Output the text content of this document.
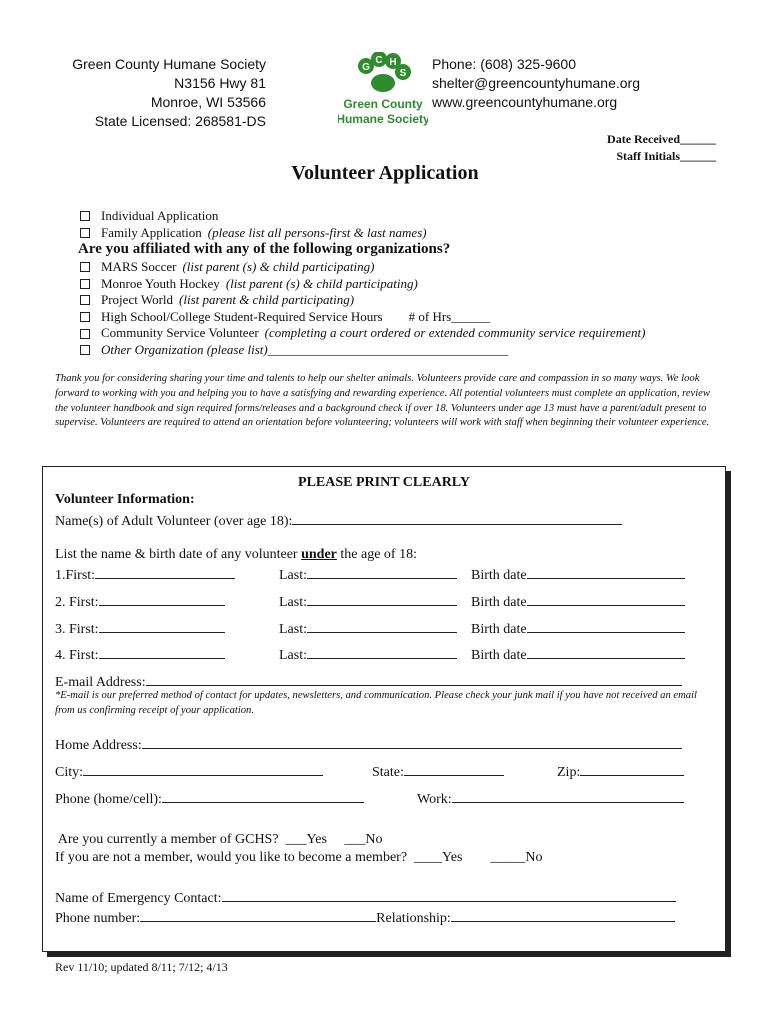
Green County Humane Society
N3156 Hwy 81
Monroe, WI 53566
State Licensed: 268581-DS
G
C H
S
Green County
Humane Society
Phone: (608) 325-9600
shelter@greencountyhumane.org
www.greencountyhumane.org
Date Received______
Staff Initials______
Volunteer Application
Individual Application
Family Application (please list all persons-first & last names)
Are you affiliated with any of the following organizations?
MARS Soccer (list parent (s) & child participating)
Monroe Youth Hockey (list parent (s) & child participating)
Project World (list parent & child participating)
High School/College Student-Required Service Hours        # of Hrs______
Community Service Volunteer (completing a court ordered or extended community service requirement)
Other Organization (please list)_____________________________________
Thank you for considering sharing your time and talents to help our shelter animals. Volunteers provide care and compassion in so many ways. We look forward to working with you and helping you to have a satisfying and rewarding experience. All potential volunteers must complete an application, review the volunteer handbook and sign required forms/releases and a background check if over 18. Volunteers under age 13 must have a parent/adult present to supervise. Volunteers are required to attend an orientation before volunteering; volunteers will work with staff when beginning their volunteer experience.
PLEASE PRINT CLEARLY
Volunteer Information:
Name(s) of Adult Volunteer (over age 18):
List the name & birth date of any volunteer under the age of 18:
1.First:	Last:	Birth date
2. First:	Last:	Birth date
3. First:	Last:	Birth date
4. First:	Last:	Birth date
E-mail Address:
*E-mail is our preferred method of contact for updates, newsletters, and communication. Please check your junk mail if you have not received an email from us confirming receipt of your application.
Home Address:
City:	State:	Zip:
Phone (home/cell):	Work:
Are you currently a member of GCHS?  ___Yes     ___No
If you are not a member, would you like to become a member?  ____Yes        _____No
Name of Emergency Contact:
Phone number:	Relationship:
Rev 11/10; updated 8/11; 7/12; 4/13
